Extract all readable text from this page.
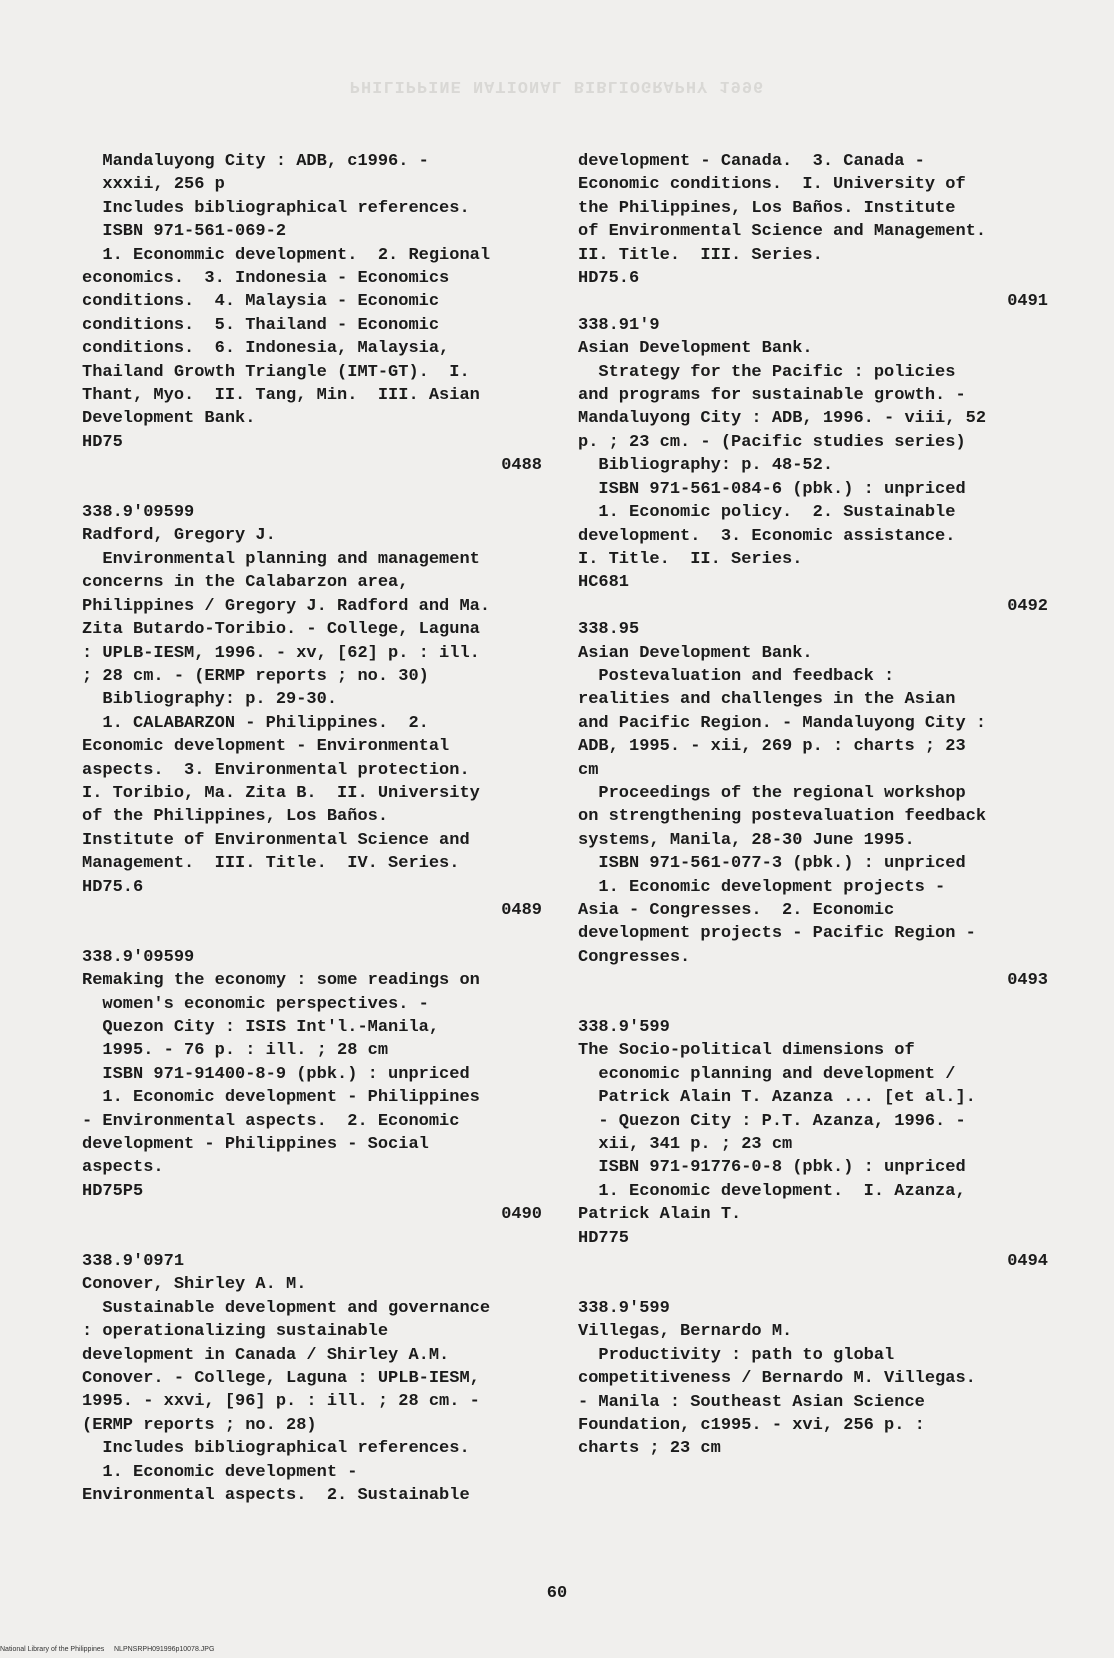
PHILIPPINE NATIONAL BIBLIOGRAPHY 1996
Mandaluyong City : ADB, c1996. -
xxxii, 256 p
Includes bibliographical references.
ISBN 971-561-069-2
1. Econommic development.  2. Regional
economics.  3. Indonesia - Economics
conditions.  4. Malaysia - Economic
conditions.  5. Thailand - Economic
conditions.  6. Indonesia, Malaysia,
Thailand Growth Triangle (IMT-GT).  I.
Thant, Myo.  II. Tang, Min.  III. Asian
Development Bank.
HD75
0488
338.9'09599
Radford, Gregory J.
Environmental planning and management
concerns in the Calabarzon area,
Philippines / Gregory J. Radford and Ma.
Zita Butardo-Toribio. - College, Laguna
: UPLB-IESM, 1996. - xv, [62] p. : ill.
; 28 cm. - (ERMP reports ; no. 30)
Bibliography: p. 29-30.
1. CALABARZON - Philippines.  2.
Economic development - Environmental
aspects.  3. Environmental protection.
I. Toribio, Ma. Zita B.  II. University
of the Philippines, Los Baños.
Institute of Environmental Science and
Management.  III. Title.  IV. Series.
HD75.6
0489
338.9'09599
Remaking the economy : some readings on
women's economic perspectives. -
Quezon City : ISIS Int'l.-Manila,
1995. - 76 p. : ill. ; 28 cm
ISBN 971-91400-8-9 (pbk.) : unpriced
1. Economic development - Philippines
- Environmental aspects.  2. Economic
development - Philippines - Social
aspects.
HD75P5
0490
338.9'0971
Conover, Shirley A. M.
Sustainable development and governance
: operationalizing sustainable
development in Canada / Shirley A.M.
Conover. - College, Laguna : UPLB-IESM,
1995. - xxvi, [96] p. : ill. ; 28 cm. -
(ERMP reports ; no. 28)
Includes bibliographical references.
1. Economic development -
Environmental aspects.  2. Sustainable
development - Canada.  3. Canada -
Economic conditions.  I. University of
the Philippines, Los Baños. Institute
of Environmental Science and Management.
II. Title.  III. Series.
HD75.6
0491
338.91'9
Asian Development Bank.
Strategy for the Pacific : policies
and programs for sustainable growth. -
Mandaluyong City : ADB, 1996. - viii, 52
p. ; 23 cm. - (Pacific studies series)
Bibliography: p. 48-52.
ISBN 971-561-084-6 (pbk.) : unpriced
1. Economic policy.  2. Sustainable
development.  3. Economic assistance.
I. Title.  II. Series.
HC681
0492
338.95
Asian Development Bank.
Postevaluation and feedback :
realities and challenges in the Asian
and Pacific Region. - Mandaluyong City :
ADB, 1995. - xii, 269 p. : charts ; 23
cm
Proceedings of the regional workshop
on strengthening postevaluation feedback
systems, Manila, 28-30 June 1995.
ISBN 971-561-077-3 (pbk.) : unpriced
1. Economic development projects -
Asia - Congresses.  2. Economic
development projects - Pacific Region -
Congresses.
0493
338.9'599
The Socio-political dimensions of
economic planning and development /
Patrick Alain T. Azanza ... [et al.].
- Quezon City : P.T. Azanza, 1996. -
xii, 341 p. ; 23 cm
ISBN 971-91776-0-8 (pbk.) : unpriced
1. Economic development.  I. Azanza,
Patrick Alain T.
HD775
0494
338.9'599
Villegas, Bernardo M.
Productivity : path to global
competitiveness / Bernardo M. Villegas.
- Manila : Southeast Asian Science
Foundation, c1995. - xvi, 256 p. :
charts ; 23 cm
60
National Library of the Philippines     NLPNSRPH091996p10078.JPG
